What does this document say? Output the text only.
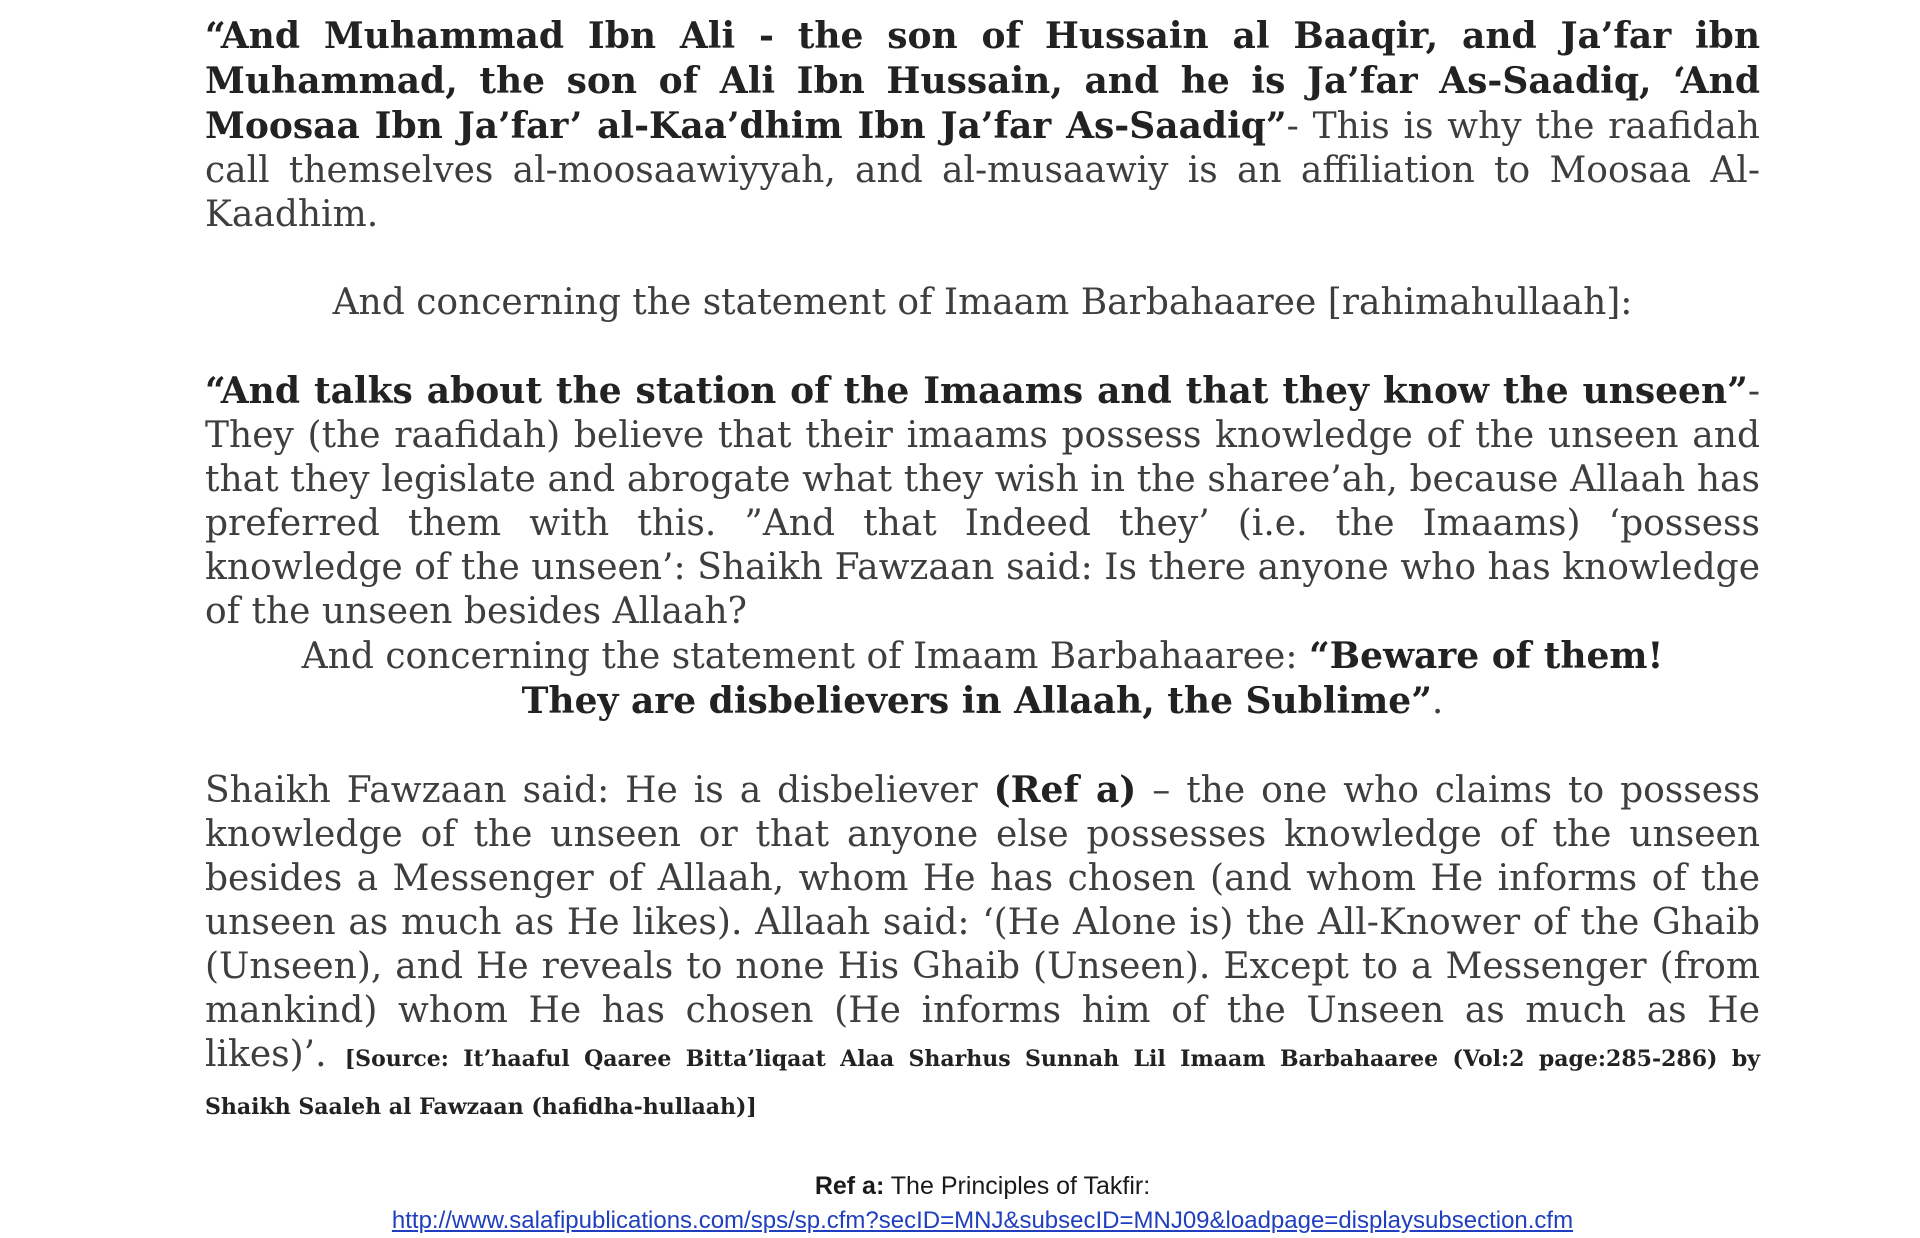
“And Muhammad Ibn Ali - the son of Hussain al Baaqir, and Ja’far ibn Muhammad, the son of Ali Ibn Hussain, and he is Ja’far As-Saadiq, ‘And Moosaa Ibn Ja’far’ al-Kaa’dhim Ibn Ja’far As-Saadiq”- This is why the raafidah call themselves al-moosaawiyyah, and al-musaawiy is an affiliation to Moosaa Al-Kaadhim.

And concerning the statement of Imaam Barbahaaree [rahimahullaah]:

“And talks about the station of the Imaams and that they know the unseen”- They (the raafidah) believe that their imaams possess knowledge of the unseen and that they legislate and abrogate what they wish in the sharee’ah, because Allaah has preferred them with this. ”And that Indeed they’ (i.e. the Imaams) ‘possess knowledge of the unseen’: Shaikh Fawzaan said: Is there anyone who has knowledge of the unseen besides Allaah?

And concerning the statement of Imaam Barbahaaree: “Beware of them! They are disbelievers in Allaah, the Sublime”.

Shaikh Fawzaan said: He is a disbeliever (Ref a) – the one who claims to possess knowledge of the unseen or that anyone else possesses knowledge of the unseen besides a Messenger of Allaah, whom He has chosen (and whom He informs of the unseen as much as He likes). Allaah said: ‘(He Alone is) the All-Knower of the Ghaib (Unseen), and He reveals to none His Ghaib (Unseen). Except to a Messenger (from mankind) whom He has chosen (He informs him of the Unseen as much as He likes)’. [Source: It’haaful Qaaree Bitta’liqaat Alaa Sharhus Sunnah Lil Imaam Barbahaaree (Vol:2 page:285-286) by Shaikh Saaleh al Fawzaan (hafidha-hullaah)]

Ref a: The Principles of Takfir:
http://www.salafipublications.com/sps/sp.cfm?secID=MNJ&subsecID=MNJ09&loadpage=displaysubsection.cfm
